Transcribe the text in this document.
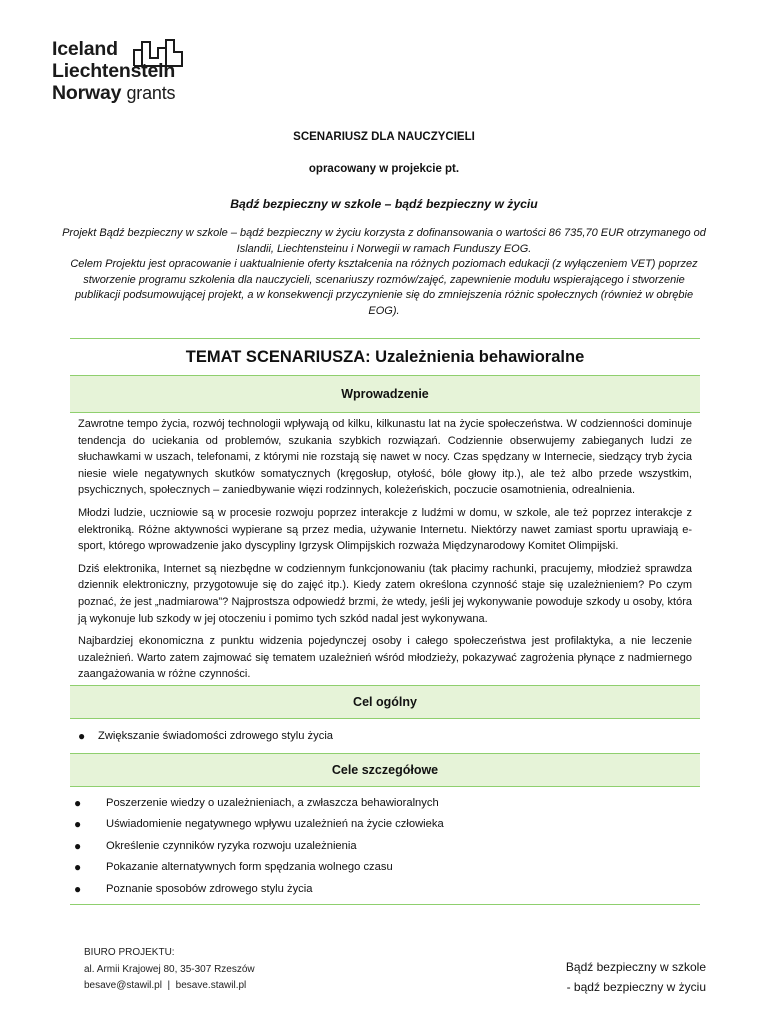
Iceland
Liechtenstein
Norway grants
SCENARIUSZ DLA NAUCZYCIELI
opracowany w projekcie pt.
Bądź bezpieczny w szkole – bądź bezpieczny w życiu
Projekt Bądź bezpieczny w szkole – bądź bezpieczny w życiu korzysta z dofinansowania o wartości 86 735,70 EUR otrzymanego od Islandii, Liechtensteinu i Norwegii w ramach Funduszy EOG.
Celem Projektu jest opracowanie i uaktualnienie oferty kształcenia na różnych poziomach edukacji (z wyłączeniem VET) poprzez stworzenie programu szkolenia dla nauczycieli, scenariuszy rozmów/zajęć, zapewnienie modułu wspierającego i stworzenie publikacji podsumowującej projekt, a w konsekwencji przyczynienie się do zmniejszenia różnic społecznych (również w obrębie EOG).
TEMAT SCENARIUSZA: Uzależnienia behawioralne
Wprowadzenie

Zawrotne tempo życia, rozwój technologii wpływają od kilku, kilkunastu lat na życie społeczeństwa. W codzienności dominuje tendencja do uciekania od problemów, szukania szybkich rozwiązań. Codziennie obserwujemy zabieganych ludzi ze słuchawkami w uszach, telefonami, z którymi nie rozstają się nawet w nocy. Czas spędzany w Internecie, siedzący tryb życia niesie wiele negatywnych skutków somatycznych (kręgosłup, otyłość, bóle głowy itp.), ale też albo przede wszystkim, psychicznych, społecznych – zaniedbywanie więzi rodzinnych, koleżeńskich, poczucie osamotnienia, odrealnienia.

Młodzi ludzie, uczniowie są w procesie rozwoju poprzez interakcje z ludźmi w domu, w szkole, ale też poprzez interakcje z elektroniką. Różne aktywności wypierane są przez media, używanie Internetu. Niektórzy nawet zamiast sportu uprawiają e-sport, którego wprowadzenie jako dyscypliny Igrzysk Olimpijskich rozważa Międzynarodowy Komitet Olimpijski.

Dziś elektronika, Internet są niezbędne w codziennym funkcjonowaniu (tak płacimy rachunki, pracujemy, młodzież sprawdza dziennik elektroniczny, przygotowuje się do zajęć itp.). Kiedy zatem określona czynność staje się uzależnieniem? Po czym poznać, że jest „nadmiarowa”? Najprostsza odpowiedź brzmi, że wtedy, jeśli jej wykonywanie powoduje szkody u osoby, która ją wykonuje lub szkody w jej otoczeniu i pomimo tych szkód nadal jest wykonywana.

Najbardziej ekonomiczna z punktu widzenia pojedynczej osoby i całego społeczeństwa jest profilaktyka, a nie leczenie uzależnień. Warto zatem zajmować się tematem uzależnień wśród młodzieży, pokazywać zagrożenia płynące z nadmiernego zaangażowania w różne czynności.

Cel ogólny
●	Zwiększanie świadomości zdrowego stylu życia
Cele szczegółowe
●	Poszerzenie wiedzy o uzależnieniach, a zwłaszcza behawioralnych
●	Uświadomienie negatywnego wpływu uzależnień na życie człowieka
●	Określenie czynników ryzyka rozwoju uzależnienia
●	Pokazanie alternatywnych form spędzania wolnego czasu
●	Poznanie sposobów zdrowego stylu życia
BIURO PROJEKTU:
al. Armii Krajowej 80, 35-307 Rzeszów
besave@stawil.pl  |  besave.stawil.pl
Bądź bezpieczny w szkole
- bądź bezpieczny w życiu
